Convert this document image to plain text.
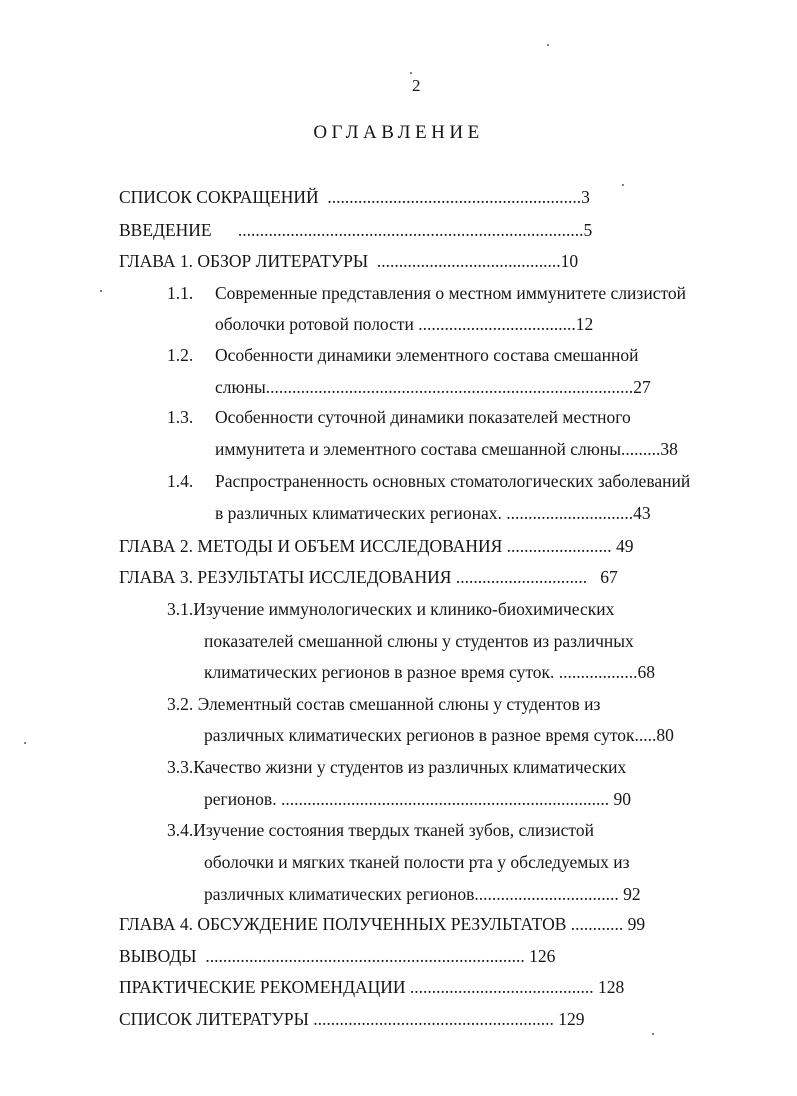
2
ОГЛАВЛЕНИЕ
СПИСОК СОКРАЩЕНИЙ  ..........................................................3
ВВЕДЕНИЕ      ...............................................................................5
ГЛАВА 1. ОБЗОР ЛИТЕРАТУРЫ  ..........................................10
1.1.	Современные представления о местном иммунитете слизистой
оболочки ротовой полости ....................................12
1.2.	Особенности динамики элементного состава смешанной
слюны....................................................................................27
1.3.	Особенности суточной динамики показателей местного
иммунитета и элементного состава смешанной слюны.........38
1.4.	Распространенность основных стоматологических заболеваний
в различных климатических регионах. .............................43
ГЛАВА 2. МЕТОДЫ И ОБЪЕМ ИССЛЕДОВАНИЯ ........................ 49
ГЛАВА 3. РЕЗУЛЬТАТЫ ИССЛЕДОВАНИЯ ..............................   67
3.1.Изучение иммунологических и клинико-биохимических
показателей смешанной слюны у студентов из различных
климатических регионов в разное время суток. ..................68
3.2. Элементный состав смешанной слюны у студентов из
различных климатических регионов в разное время суток.....80
3.3.Качество жизни у студентов из различных климатических
регионов. ........................................................................... 90
3.4.Изучение состояния твердых тканей зубов, слизистой
оболочки и мягких тканей полости рта у обследуемых из
различных климатических регионов................................. 92
ГЛАВА 4. ОБСУЖДЕНИЕ ПОЛУЧЕННЫХ РЕЗУЛЬТАТОВ ............ 99
ВЫВОДЫ  ......................................................................... 126
ПРАКТИЧЕСКИЕ РЕКОМЕНДАЦИИ .......................................... 128
СПИСОК ЛИТЕРАТУРЫ ....................................................... 129
